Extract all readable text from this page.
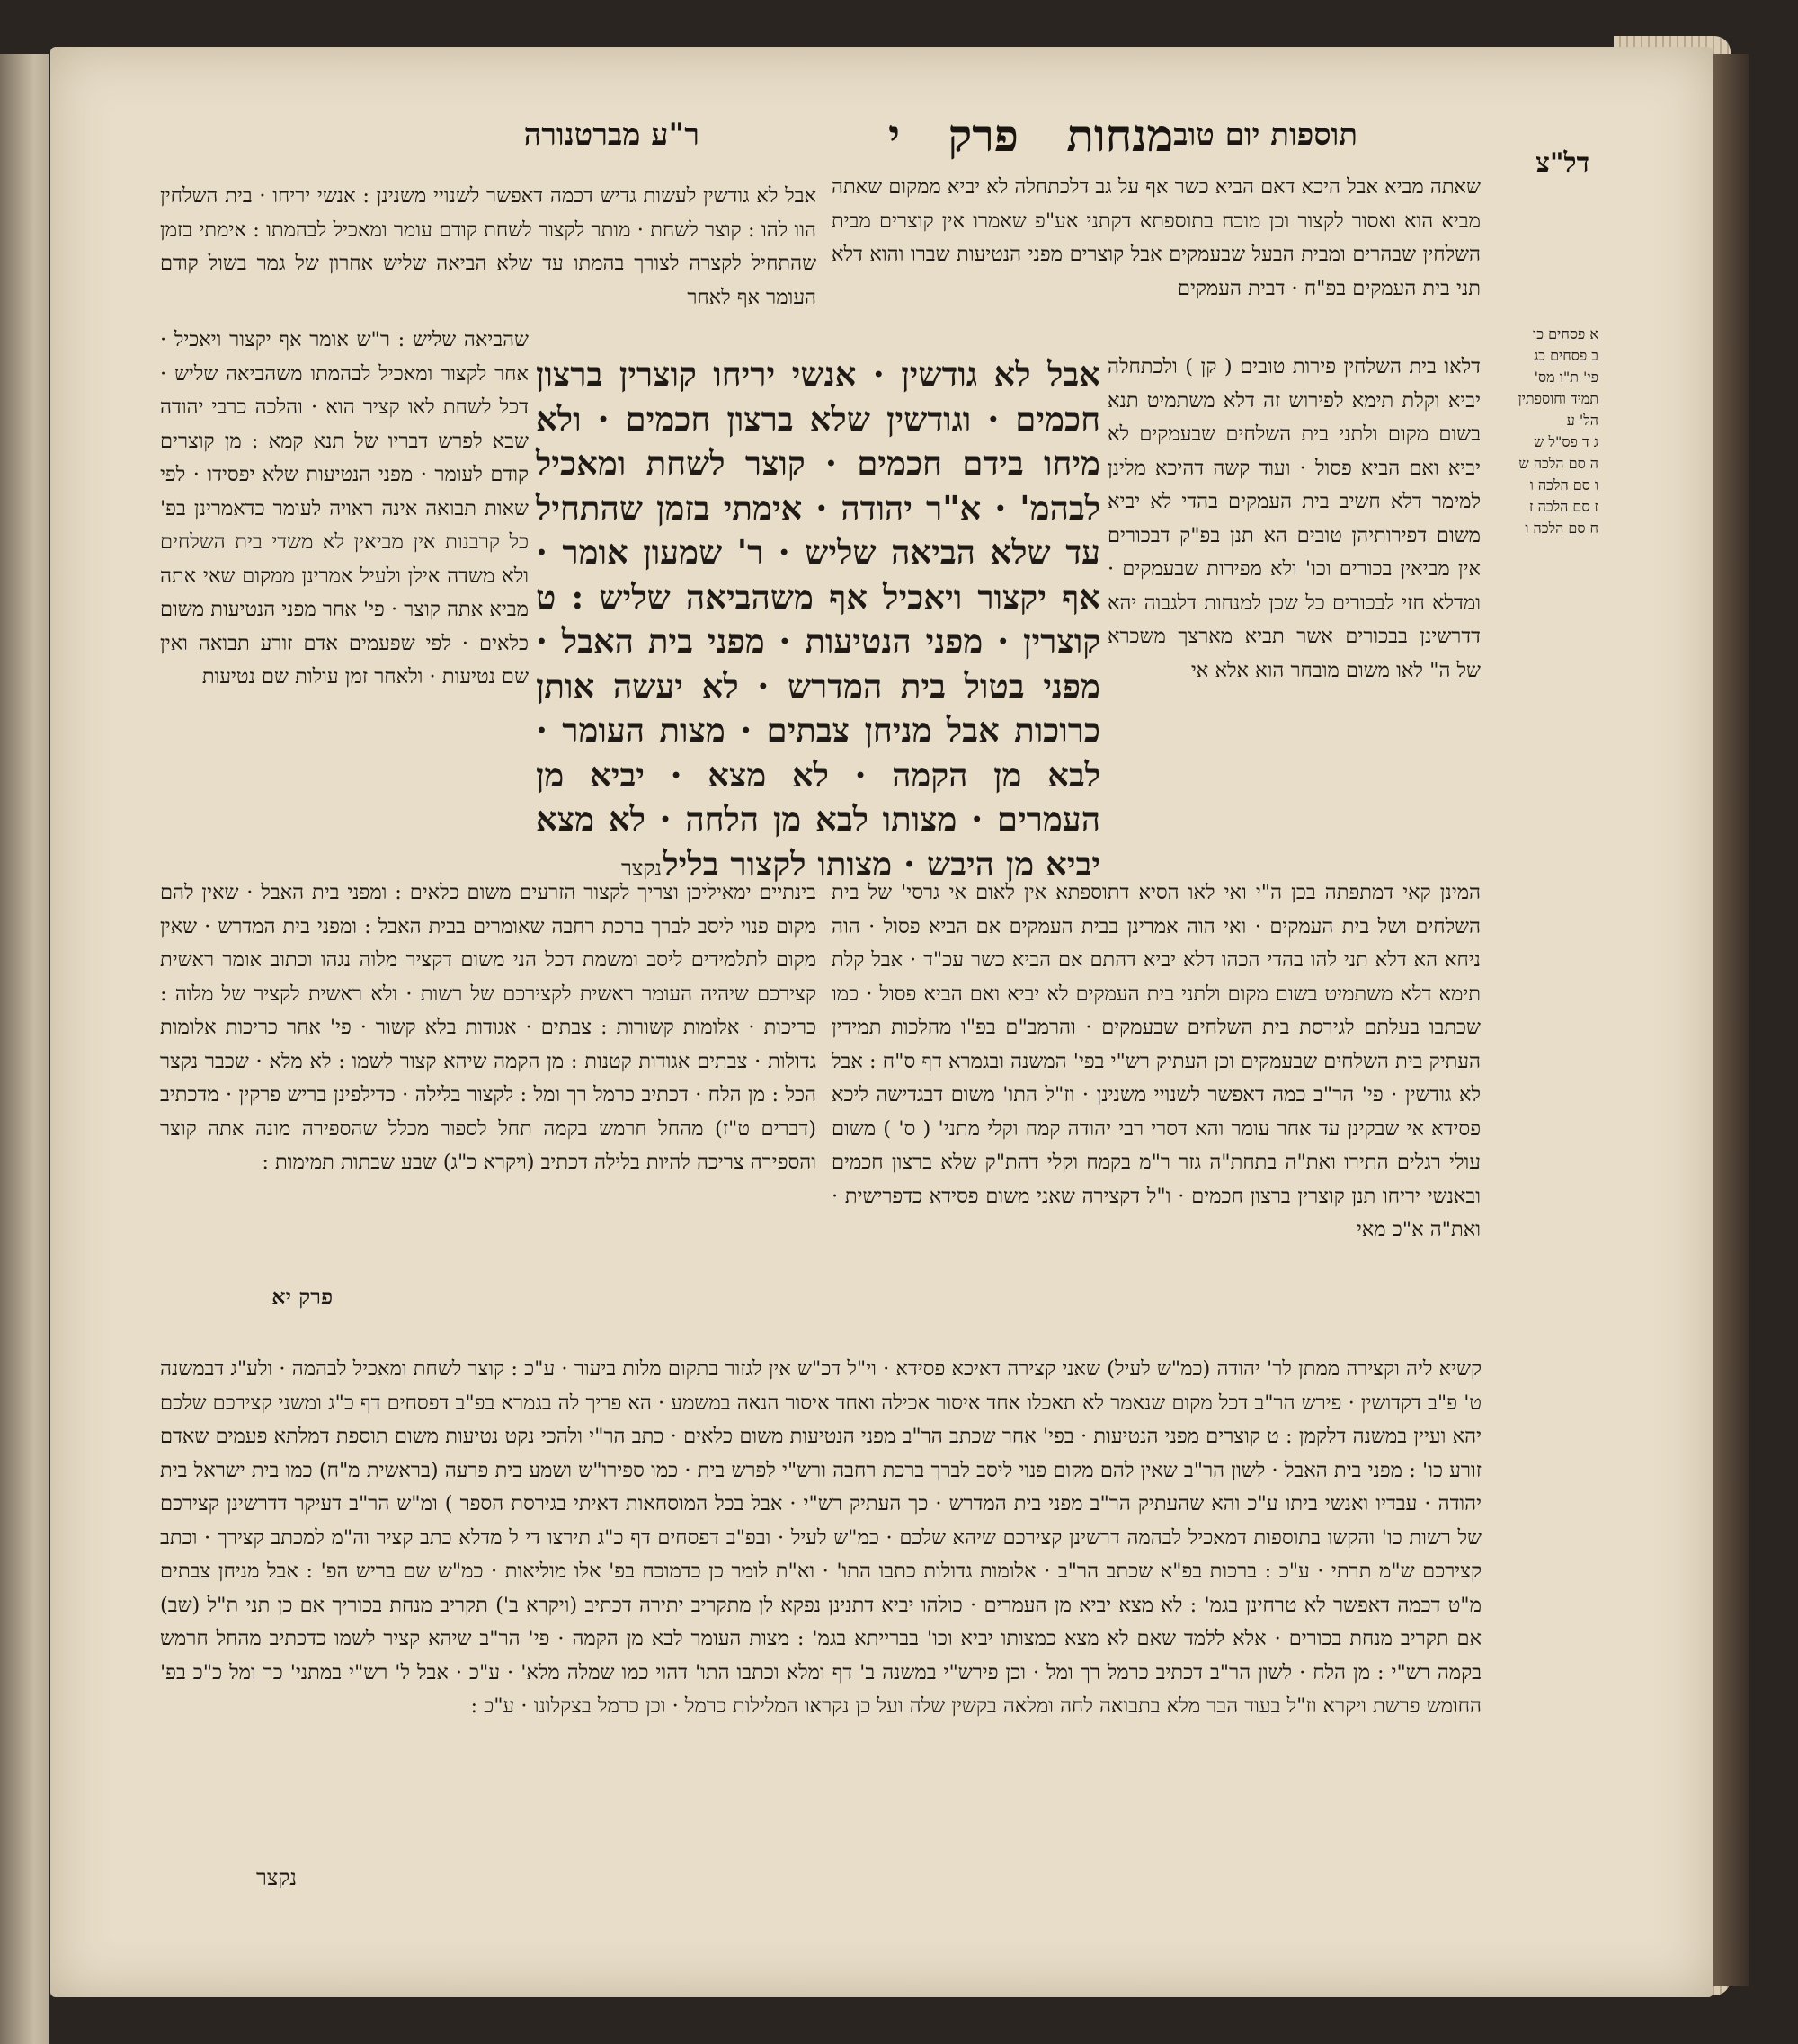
תוספות יום טוב
מנחות פרק י
ר"ע מברטנורה
דל"צ
א פסחים כו
ב פסחים כג
פי' ת"ו מס'
תמיד וחוספתין
הל' ע
ג ד פס"ל ש
ה סם הלכה ש
ו סם הלכה ו
ז סם הלכה ז
ח סם הלכה ו
שאתה מביא אבל היכא דאם הביא כשר אף על גב דלכתחלה לא יביא ממקום שאתה מביא הוא ואסור לקצור וכן מוכח בתוספתא דקתני אע"פ שאמרו אין קוצרים מבית השלחין שבהרים ומבית הבעל שבעמקים אבל קוצרים מפני הנטיעות שברו והוא דלא תני בית העמקים בפ"ח · דבית העמקים
דלאו בית השלחין פירות טובים ( קן ) ולכתחלה יביא וקלת תימא לפירוש זה דלא משתמיט תנא בשום מקום ולתני בית השלחים שבעמקים לא יביא ואם הביא פסול · ועוד קשה דהיכא מלינן למימר דלא חשיב בית העמקים בהדי לא יביא משום דפירותיהן טובים הא תנן בפ"ק דבכורים אין מביאין בכורים וכו' ולא מפירות שבעמקים · ומדלא חזי לבכורים כל שכן למנחות דלגבוה יהא דדרשינן בבכורים אשר תביא מארצך משכרא של ה" לאו משום מובחר הוא אלא אי
המינן קאי דמתפתה בכן ה"י ואי לאו הסיא דתוספתא אין לאום אי גרסי' של בית השלחים ושל בית העמקים · ואי הוה אמרינן בבית העמקים אם הביא פסול · הוה ניחא הא דלא תני להו בהדי הכהו דלא יביא דהתם אם הביא כשר עכ"ד · אבל קלת תימא דלא משתמיט בשום מקום ולתני בית העמקים לא יביא ואם הביא פסול · כמו שכתבו בעלתם לגירסת בית השלחים שבעמקים · והרמב"ם בפ"ו מהלכות תמידין העתיק בית השלחים שבעמקים וכן העתיק רש"י בפי' המשנה ובגמרא דף ס"ח : אבל לא גודשין · פי' הר"ב כמה דאפשר לשנויי משנינן · וז"ל התו' משום דבגדישה ליכא פסידא אי שבקינן עד אחר עומר והא דסרי רבי יהודה קמח וקלי מתני' ( ס' ) משום עולי רגלים התירו ואת"ה בתחת"ה גזר ר"מ בקמח וקלי דהת"ק שלא ברצון חכמים ובאנשי יריחו תנן קוצרין ברצון חכמים · ו"ל דקצירה שאני משום פסידא כדפרישית · ואת"ה א"כ מאי
אבל לא גודשין לעשות גדיש דכמה דאפשר לשנויי משנינן : אנשי יריחו · בית השלחין הוו להו : קוצר לשחת · מותר לקצור לשחת קודם עומר ומאכיל לבהמתו : אימתי בזמן שהתחיל לקצרה לצורך בהמתו עד שלא הביאה שליש אחרון של גמר בשול קודם העומר אף לאחר
שהביאה שליש : ר"ש אומר אף יקצור ויאכיל · אחר לקצור ומאכיל לבהמתו משהביאה שליש · דכל לשחת לאו קציר הוא · והלכה כרבי יהודה שבא לפרש דבריו של תנא קמא : מן קוצרים קודם לעומר · מפני הנטיעות שלא יפסידו · לפי שאות תבואה אינה ראויה לעומר כדאמרינן בפ' כל קרבנות אין מביאין לא משדי בית השלחים ולא משדה אילן ולעיל אמרינן ממקום שאי אתה מביא אתה קוצר · פי' אחר מפני הנטיעות משום כלאים · לפי שפעמים אדם זורע תבואה ואין שם נטיעות · ולאחר זמן עולות שם נטיעות
אבל לא גודשין · אנשי יריחו קוצרין ברצון חכמים · וגודשין שלא ברצון חכמים · ולא מיחו בידם חכמים · קוצר לשחת ומאכיל לבהמ' · א"ר יהודה · אימתי בזמן שהתחיל עד שלא הביאה שליש · ר' שמעון אומר · אף יקצור ויאכיל אף משהביאה שליש : ט קוצרין · מפני הנטיעות · מפני בית האבל · מפני בטול בית המדרש · לא יעשה אותן כרוכות אבל מניחן צבתים · מצות העומר · לבא מן הקמה · לא מצא · יביא מן העמרים · מצותו לבא מן הלחה · לא מצא יביא מן היבש · מצותו לקצור בליל
נקצר
בינתיים ימאיליכן וצריך לקצור הזרעים משום כלאים : ומפני בית האבל · שאין להם מקום פנוי ליסב לברך ברכת רחבה שאומרים בבית האבל : ומפני בית המדרש · שאין מקום לתלמידים ליסב ומשמת דכל הני משום דקציר מלוה נגהו וכתוב אומר ראשית קצירכם שיהיה העומר ראשית לקצירכם של רשות · ולא ראשית לקציר של מלוה : כריכות · אלומות קשורות : צבתים · אגודות בלא קשור · פי' אחר כריכות אלומות גדולות · צבתים אגודות קטנות : מן הקמה שיהא קצור לשמו : לא מלא · שכבר נקצר הכל : מן הלח · דכתיב כרמל רך ומל : לקצור בלילה · כדילפינן בריש פרקין · מדכתיב (דברים ט"ז) מהחל חרמש בקמה תחל לספור מכלל שהספירה מונה אתה קוצר והספירה צריכה להיות בלילה דכתיב (ויקרא כ"ג) שבע שבתות תמימות :
פרק יא
קשיא ליה וקצירה ממתן לר' יהודה (כמ"ש לעיל) שאני קצירה דאיכא פסידא · וי"ל דכ"ש אין לגזור בתקום מלות ביעור · ע"כ : קוצר לשחת ומאכיל לבהמה · ולע"ג דבמשנה ט' פ"ב דקדושין · פירש הר"ב דכל מקום שנאמר לא תאכלו אחד איסור אכילה ואחד איסור הנאה במשמע · הא פריך לה בגמרא בפ"ב דפסחים דף כ"ג ומשני קצירכם שלכם יהא ועיין במשנה דלקמן : ט קוצרים מפני הנטיעות · בפי' אחר שכתב הר"ב מפני הנטיעות משום כלאים · כתב הר"י ולהכי נקט נטיעות משום תוספת דמלתא פעמים שאדם זורע כו' : מפני בית האבל · לשון הר"ב שאין להם מקום פנוי ליסב לברך ברכת רחבה ורש"י לפרש בית · כמו ספירו"ש ושמע בית פרעה (בראשית מ"ח) כמו בית ישראל בית יהודה · עבדיו ואנשי ביתו ע"כ והא שהעתיק הר"ב מפני בית המדרש · כך העתיק רש"י · אבל בכל המוסחאות דאיתי בגירסת הספר ) ומ"ש הר"ב דעיקר דדרשינן קצירכם של רשות כו' והקשו בתוספות דמאכיל לבהמה דרשינן קצירכם שיהא שלכם · כמ"ש לעיל · ובפ"ב דפסחים דף כ"ג תירצו די ל מדלא כתב קציר וה"מ למכתב קצירך · וכתב קצירכם ש"מ תרתי · ע"כ : ברכות בפ"א שכתב הר"ב · אלומות גדולות כתבו התו' · וא"ת לומר כן כדמוכח בפ' אלו מוליאות · כמ"ש שם בריש הפ' : אבל מניחן צבתים מ"ט דכמה דאפשר לא טרחינן בגמ' : לא מצא יביא מן העמרים · כולהו יביא דתנינן נפקא לן מתקריב יתירה דכתיב (ויקרא ב') תקריב מנחת בכוריך אם כן תני ת"ל (שב) אם תקריב מנחת בכורים · אלא ללמד שאם לא מצא כמצותו יביא וכו' בברייתא בגמ' : מצות העומר לבא מן הקמה · פי' הר"ב שיהא קציר לשמו כדכתיב מהחל חרמש בקמה רש"י : מן הלח · לשון הר"ב דכתיב כרמל רך ומל · וכן פירש"י במשנה ב' דף ומלא וכתבו התו' דהוי כמו שמלה מלא' · ע"כ · אבל ל' רש"י במתני' כר ומל כ"כ בפ' החומש פרשת ויקרא וז"ל בעוד הבר מלא בתבואה לחה ומלאה בקשין שלה ועל כן נקראו המלילות כרמל · וכן כרמל בצקלונו · ע"כ :
נקצר
